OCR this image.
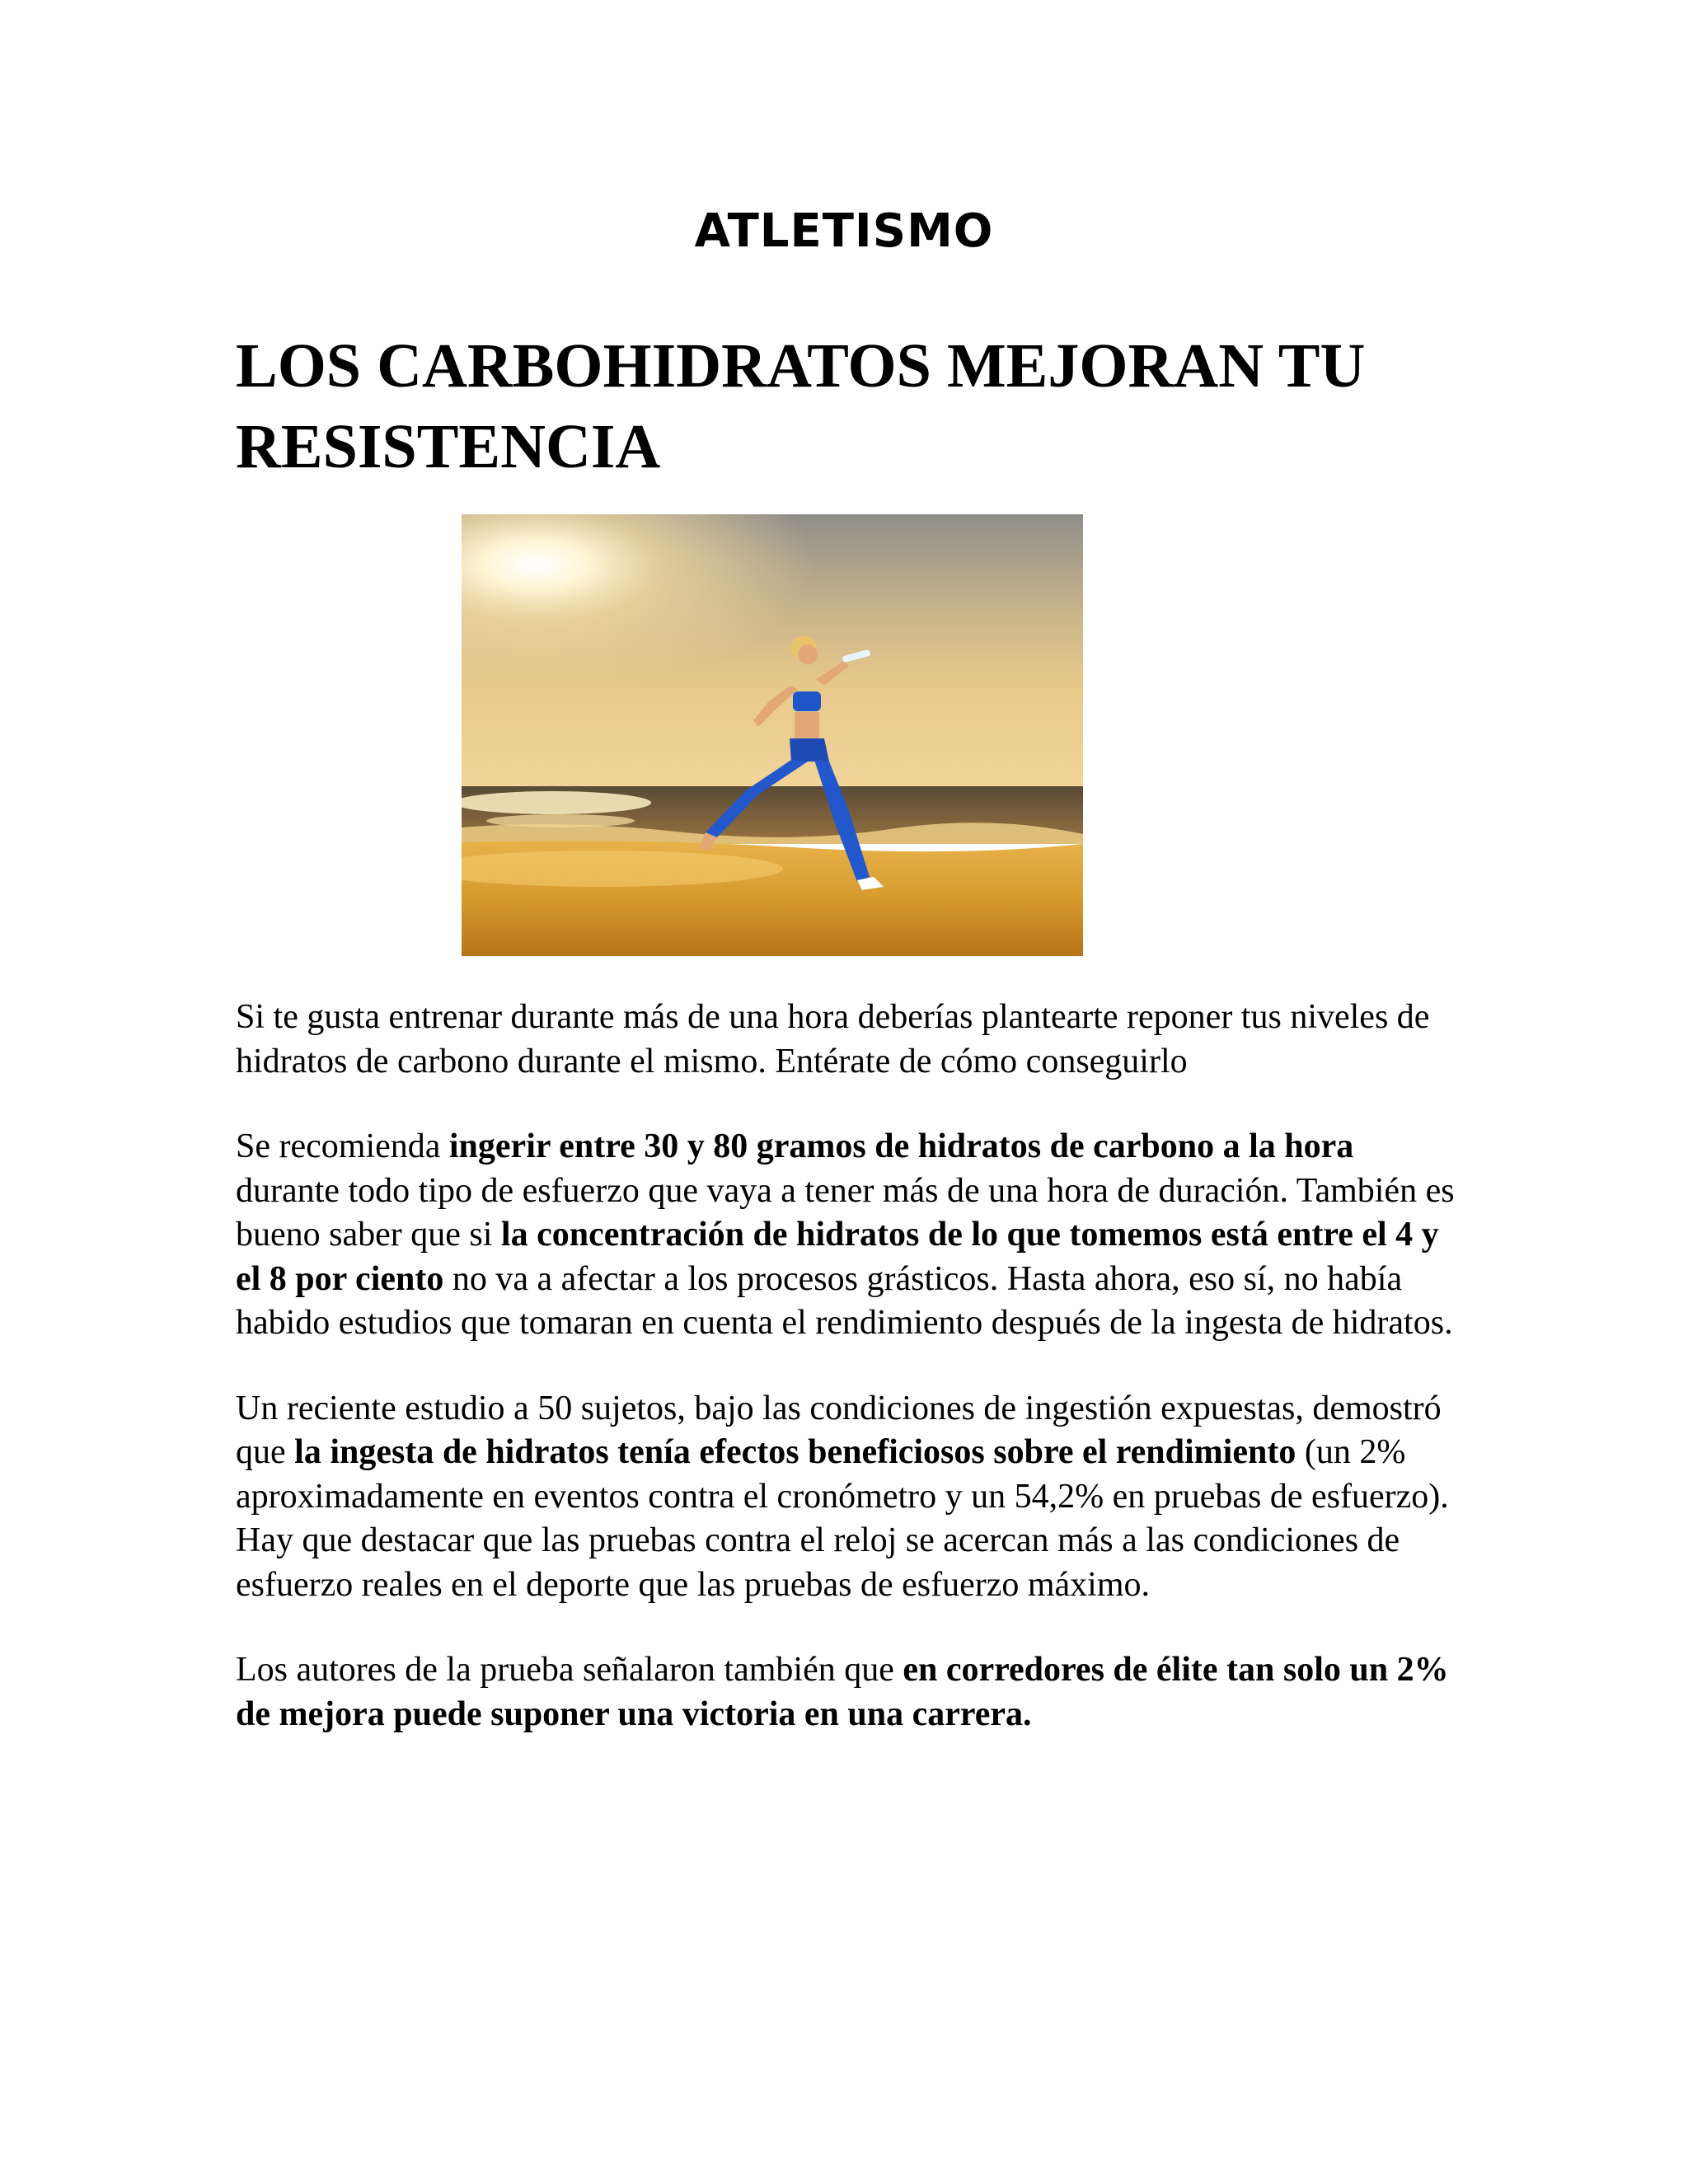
ATLETISMO
LOS CARBOHIDRATOS MEJORAN TU RESISTENCIA

Si te gusta entrenar durante más de una hora deberías plantearte reponer tus niveles de hidratos de carbono durante el mismo. Entérate de cómo conseguirlo

Se recomienda ingerir entre 30 y 80 gramos de hidratos de carbono a la hora durante todo tipo de esfuerzo que vaya a tener más de una hora de duración. También es bueno saber que si la concentración de hidratos de lo que tomemos está entre el 4 y el 8 por ciento no va a afectar a los procesos grásticos. Hasta ahora, eso sí, no había habido estudios que tomaran en cuenta el rendimiento después de la ingesta de hidratos.

Un reciente estudio a 50 sujetos, bajo las condiciones de ingestión expuestas, demostró que la ingesta de hidratos tenía efectos beneficiosos sobre el rendimiento (un 2% aproximadamente en eventos contra el cronómetro y un 54,2% en pruebas de esfuerzo). Hay que destacar que las pruebas contra el reloj se acercan más a las condiciones de esfuerzo reales en el deporte que las pruebas de esfuerzo máximo.

Los autores de la prueba señalaron también que en corredores de élite tan solo un 2% de mejora puede suponer una victoria en una carrera.
